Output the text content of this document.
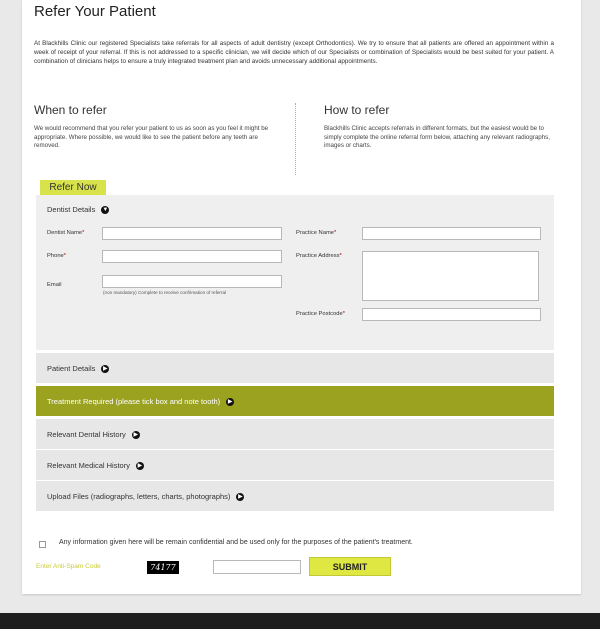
Refer Your Patient
At Blackhills Clinic our registered Specialists take referrals for all aspects of adult dentistry (except Orthodontics). We try to ensure that all patients are offered an appointment within a week of receipt of your referral. If this is not addressed to a specific clinician, we will decide which of our Specialists or combination of Specialists would be best suited for your patient. A combination of clinicians helps to ensure a truly integrated treatment plan and avoids unnecessary additional appointments.
When to refer
We would recommend that you refer your patient to us as soon as you feel it might be appropriate. Where possible, we would like to see the patient before any teeth are removed.
How to refer
Blackhills Clinic accepts referrals in different formats, but the easiest would be to simply complete the online referral form below, attaching any relevant radiographs, images or charts.
Refer Now
Dentist Details ▼
Dentist Name*
Phone*
Email
(non mandatory) Complete to receive confirmation of referral
Practice Name*
Practice Address*
Practice Postcode*
Patient Details ▶
Treatment Required (please tick box and note tooth) ▶
Relevant Dental History ▶
Relevant Medical History ▶
Upload Files (radiographs, letters, charts, photographs) ▶
Any information given here will be remain confidential and be used only for the purposes of the patient's treatment.
Enter Anti-Spam Code	74177	SUBMIT
